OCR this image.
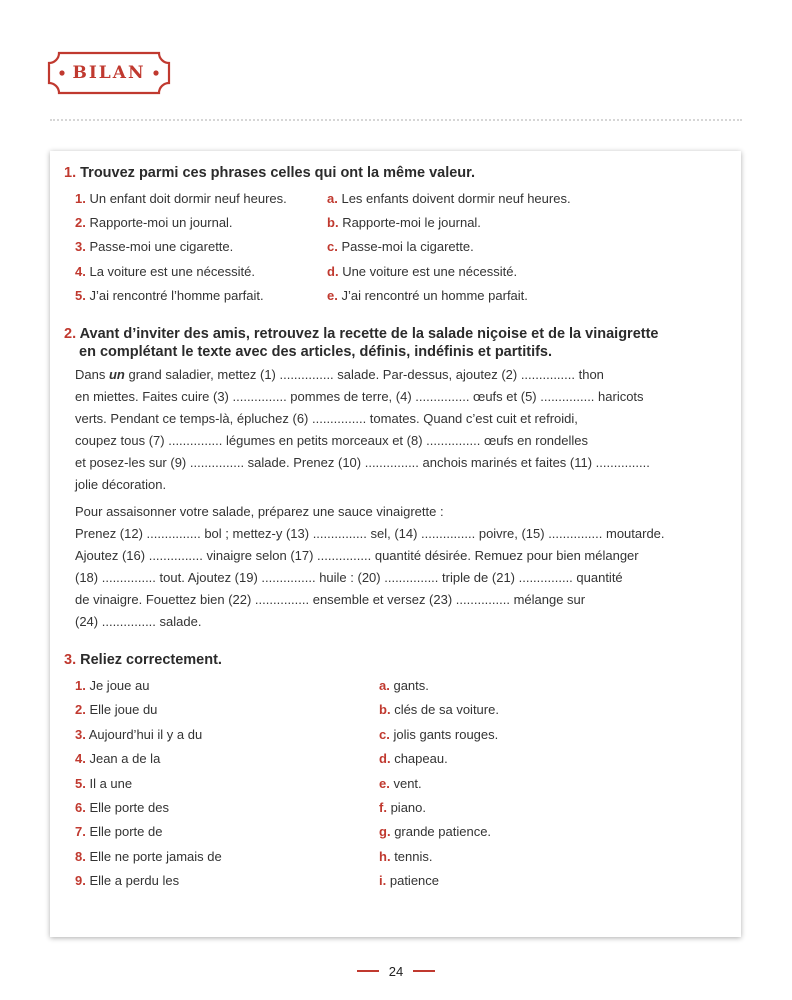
BILAN
1. Trouvez parmi ces phrases celles qui ont la même valeur.
1. Un enfant doit dormir neuf heures.
2. Rapporte-moi un journal.
3. Passe-moi une cigarette.
4. La voiture est une nécessité.
5. J’ai rencontré l’homme parfait.
a. Les enfants doivent dormir neuf heures.
b. Rapporte-moi le journal.
c. Passe-moi la cigarette.
d. Une voiture est une nécessité.
e. J’ai rencontré un homme parfait.
2. Avant d’inviter des amis, retrouvez la recette de la salade niçoise et de la vinaigrette
en complétant le texte avec des articles, définis, indéfinis et partitifs.
Dans un grand saladier, mettez (1) ............... salade. Par-dessus, ajoutez (2) ............... thon
en miettes. Faites cuire (3) ............... pommes de terre, (4) ............... œufs et (5) ............... haricots
verts. Pendant ce temps-là, épluchez (6) ............... tomates. Quand c’est cuit et refroidi,
coupez tous (7) ............... légumes en petits morceaux et (8) ............... œufs en rondelles
et posez-les sur (9) ............... salade. Prenez (10) ............... anchois marinés et faites (11) ...............
jolie décoration.
Pour assaisonner votre salade, préparez une sauce vinaigrette :
Prenez (12) ............... bol ; mettez-y (13) ............... sel, (14) ............... poivre, (15) ............... moutarde.
Ajoutez (16) ............... vinaigre selon (17) ............... quantité désirée. Remuez pour bien mélanger
(18) ............... tout. Ajoutez (19) ............... huile : (20) ............... triple de (21) ............... quantité
de vinaigre. Fouettez bien (22) ............... ensemble et versez (23) ............... mélange sur
(24) ............... salade.
3. Reliez correctement.
1. Je joue au
2. Elle joue du
3. Aujourd’hui il y a du
4. Jean a de la
5. Il a une
6. Elle porte des
7. Elle porte de
8. Elle ne porte jamais de
9. Elle a perdu les
a. gants.
b. clés de sa voiture.
c. jolis gants rouges.
d. chapeau.
e. vent.
f. piano.
g. grande patience.
h. tennis.
i. patience
24
